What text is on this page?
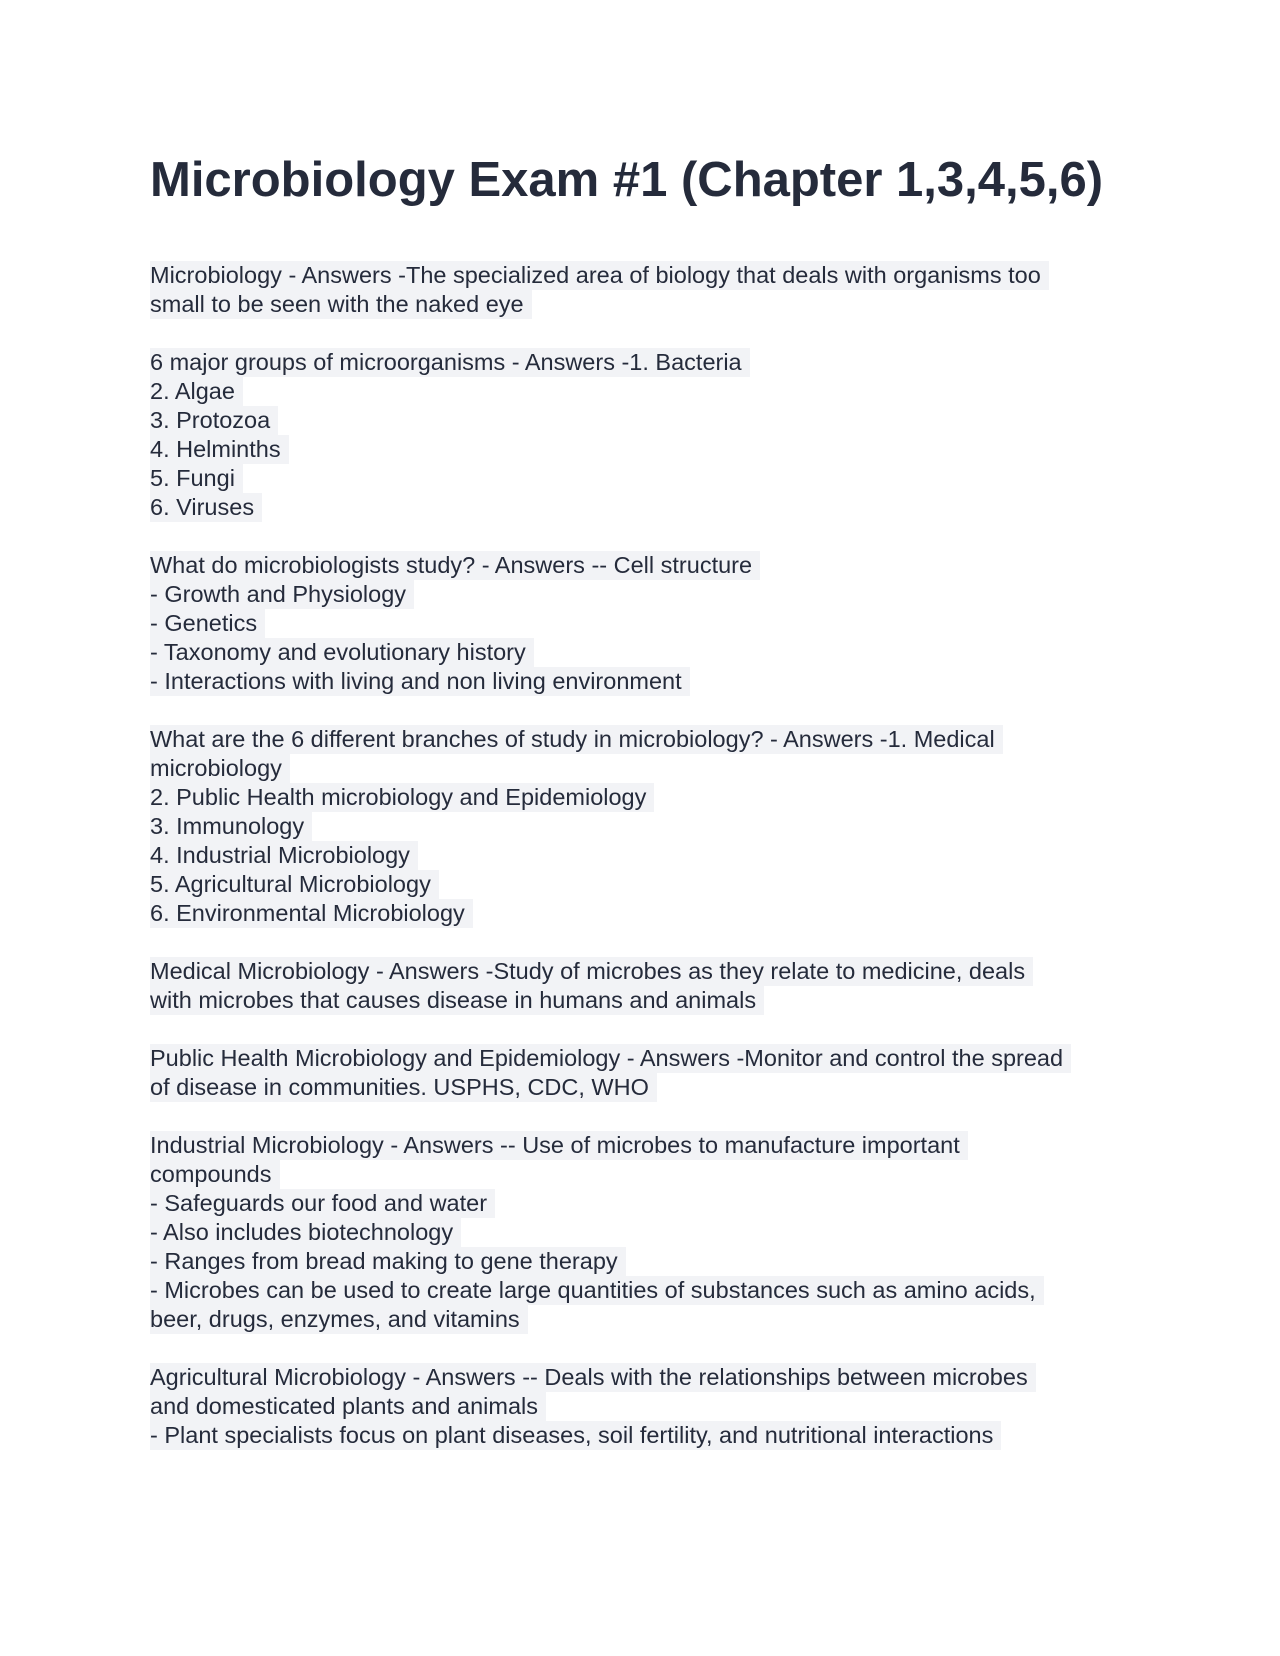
Microbiology Exam #1 (Chapter 1,3,4,5,6)
Microbiology - Answers -The specialized area of biology that deals with organisms too
small to be seen with the naked eye
6 major groups of microorganisms - Answers -1. Bacteria
2. Algae
3. Protozoa
4. Helminths
5. Fungi
6. Viruses
What do microbiologists study? - Answers -- Cell structure
- Growth and Physiology
- Genetics
- Taxonomy and evolutionary history
- Interactions with living and non living environment
What are the 6 different branches of study in microbiology? - Answers -1. Medical
microbiology
2. Public Health microbiology and Epidemiology
3. Immunology
4. Industrial Microbiology
5. Agricultural Microbiology
6. Environmental Microbiology
Medical Microbiology - Answers -Study of microbes as they relate to medicine, deals
with microbes that causes disease in humans and animals
Public Health Microbiology and Epidemiology - Answers -Monitor and control the spread
of disease in communities. USPHS, CDC, WHO
Industrial Microbiology - Answers -- Use of microbes to manufacture important
compounds
- Safeguards our food and water
- Also includes biotechnology
- Ranges from bread making to gene therapy
- Microbes can be used to create large quantities of substances such as amino acids,
beer, drugs, enzymes, and vitamins
Agricultural Microbiology - Answers -- Deals with the relationships between microbes
and domesticated plants and animals
- Plant specialists focus on plant diseases, soil fertility, and nutritional interactions
